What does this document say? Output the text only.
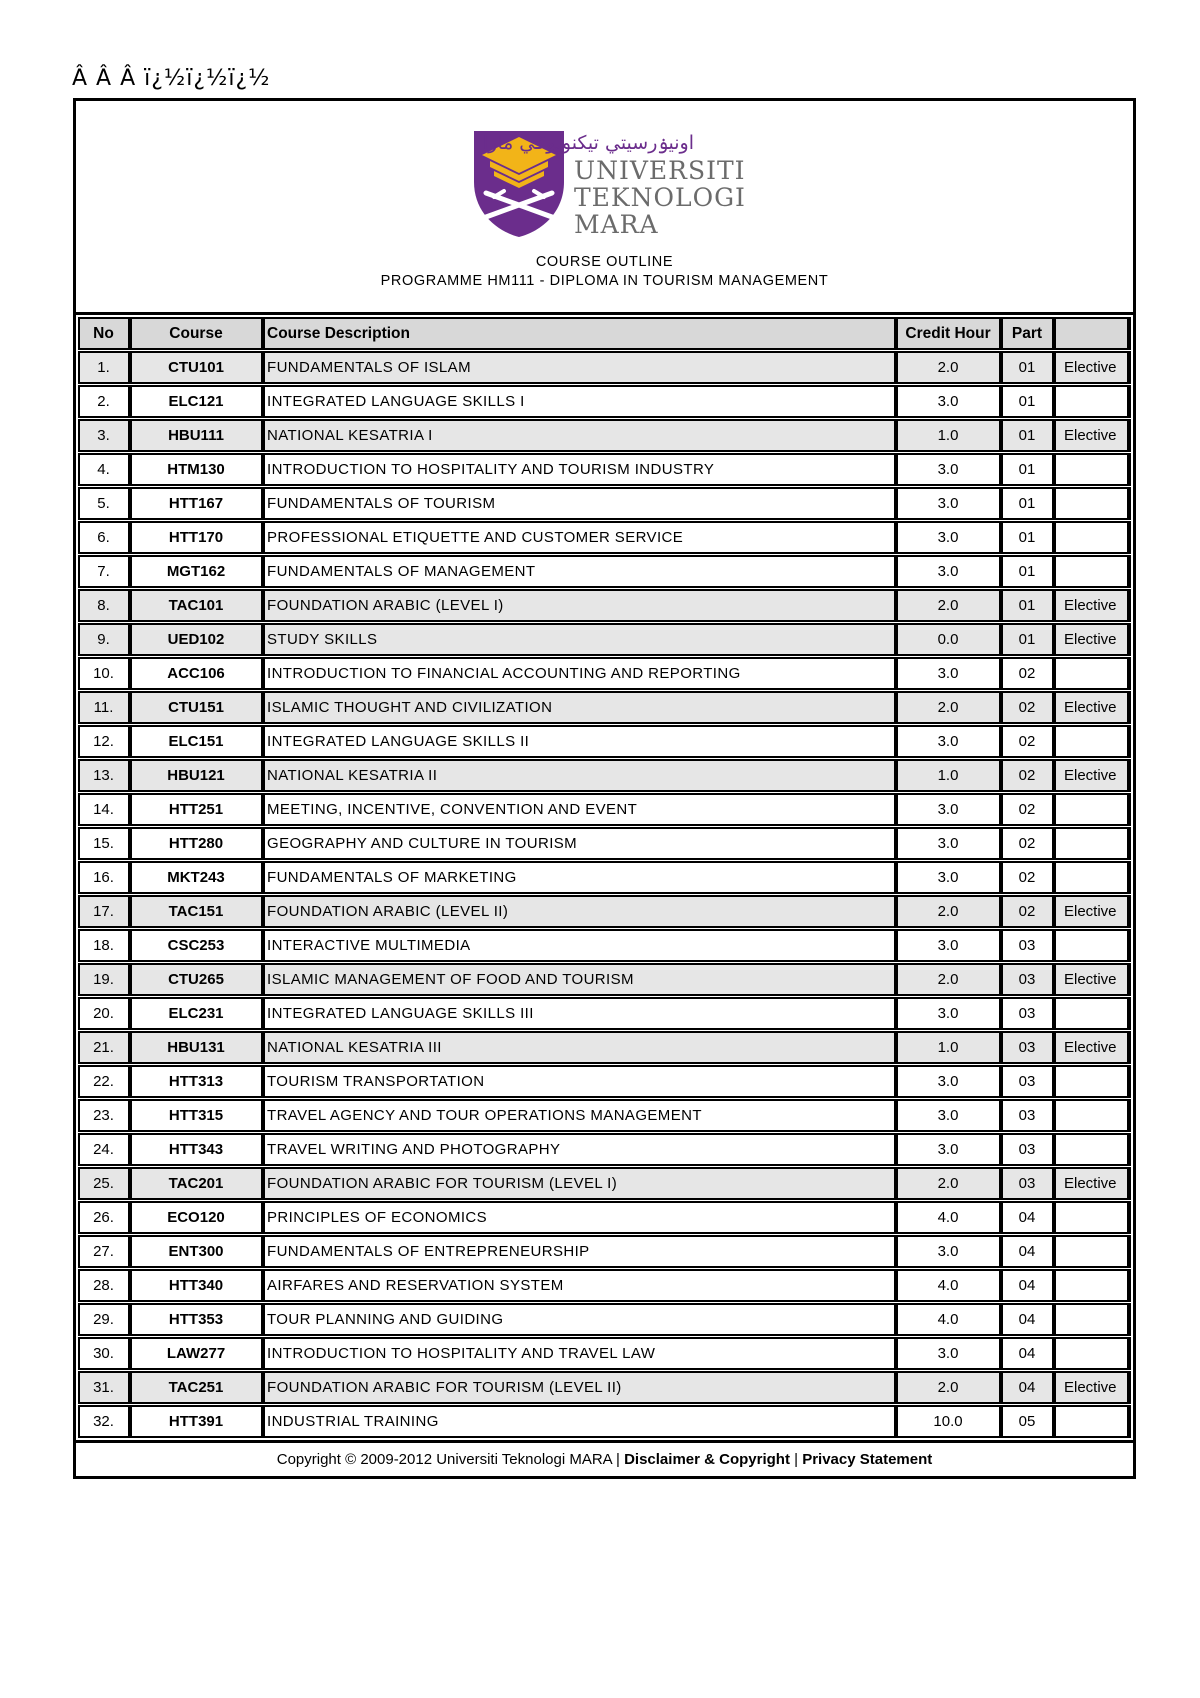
Â Â Â ï¿½ï¿½ï¿½
اونيۏرسيتي تيكنولوݢي مارا
UNIVERSITI
TEKNOLOGI
MARA
COURSE OUTLINE
PROGRAMME HM111 - DIPLOMA IN TOURISM MANAGEMENT
No	Course	Course Description	Credit Hour	Part	
1.	CTU101	FUNDAMENTALS OF ISLAM	2.0	01	Elective
2.	ELC121	INTEGRATED LANGUAGE SKILLS I	3.0	01	
3.	HBU111	NATIONAL KESATRIA I	1.0	01	Elective
4.	HTM130	INTRODUCTION TO HOSPITALITY AND TOURISM INDUSTRY	3.0	01	
5.	HTT167	FUNDAMENTALS OF TOURISM	3.0	01	
6.	HTT170	PROFESSIONAL ETIQUETTE AND CUSTOMER SERVICE	3.0	01	
7.	MGT162	FUNDAMENTALS OF MANAGEMENT	3.0	01	
8.	TAC101	FOUNDATION ARABIC (LEVEL I)	2.0	01	Elective
9.	UED102	STUDY SKILLS	0.0	01	Elective
10.	ACC106	INTRODUCTION TO FINANCIAL ACCOUNTING AND REPORTING	3.0	02	
11.	CTU151	ISLAMIC THOUGHT AND CIVILIZATION	2.0	02	Elective
12.	ELC151	INTEGRATED LANGUAGE SKILLS II	3.0	02	
13.	HBU121	NATIONAL KESATRIA II	1.0	02	Elective
14.	HTT251	MEETING, INCENTIVE, CONVENTION AND EVENT	3.0	02	
15.	HTT280	GEOGRAPHY AND CULTURE IN TOURISM	3.0	02	
16.	MKT243	FUNDAMENTALS OF MARKETING	3.0	02	
17.	TAC151	FOUNDATION ARABIC (LEVEL II)	2.0	02	Elective
18.	CSC253	INTERACTIVE MULTIMEDIA	3.0	03	
19.	CTU265	ISLAMIC MANAGEMENT OF FOOD AND TOURISM	2.0	03	Elective
20.	ELC231	INTEGRATED LANGUAGE SKILLS III	3.0	03	
21.	HBU131	NATIONAL KESATRIA III	1.0	03	Elective
22.	HTT313	TOURISM TRANSPORTATION	3.0	03	
23.	HTT315	TRAVEL AGENCY AND TOUR OPERATIONS MANAGEMENT	3.0	03	
24.	HTT343	TRAVEL WRITING AND PHOTOGRAPHY	3.0	03	
25.	TAC201	FOUNDATION ARABIC FOR TOURISM (LEVEL I)	2.0	03	Elective
26.	ECO120	PRINCIPLES OF ECONOMICS	4.0	04	
27.	ENT300	FUNDAMENTALS OF ENTREPRENEURSHIP	3.0	04	
28.	HTT340	AIRFARES AND RESERVATION SYSTEM	4.0	04	
29.	HTT353	TOUR PLANNING AND GUIDING	4.0	04	
30.	LAW277	INTRODUCTION TO HOSPITALITY AND TRAVEL LAW	3.0	04	
31.	TAC251	FOUNDATION ARABIC FOR TOURISM (LEVEL II)	2.0	04	Elective
32.	HTT391	INDUSTRIAL TRAINING	10.0	05	
Copyright © 2009-2012 Universiti Teknologi MARA | Disclaimer & Copyright | Privacy Statement
